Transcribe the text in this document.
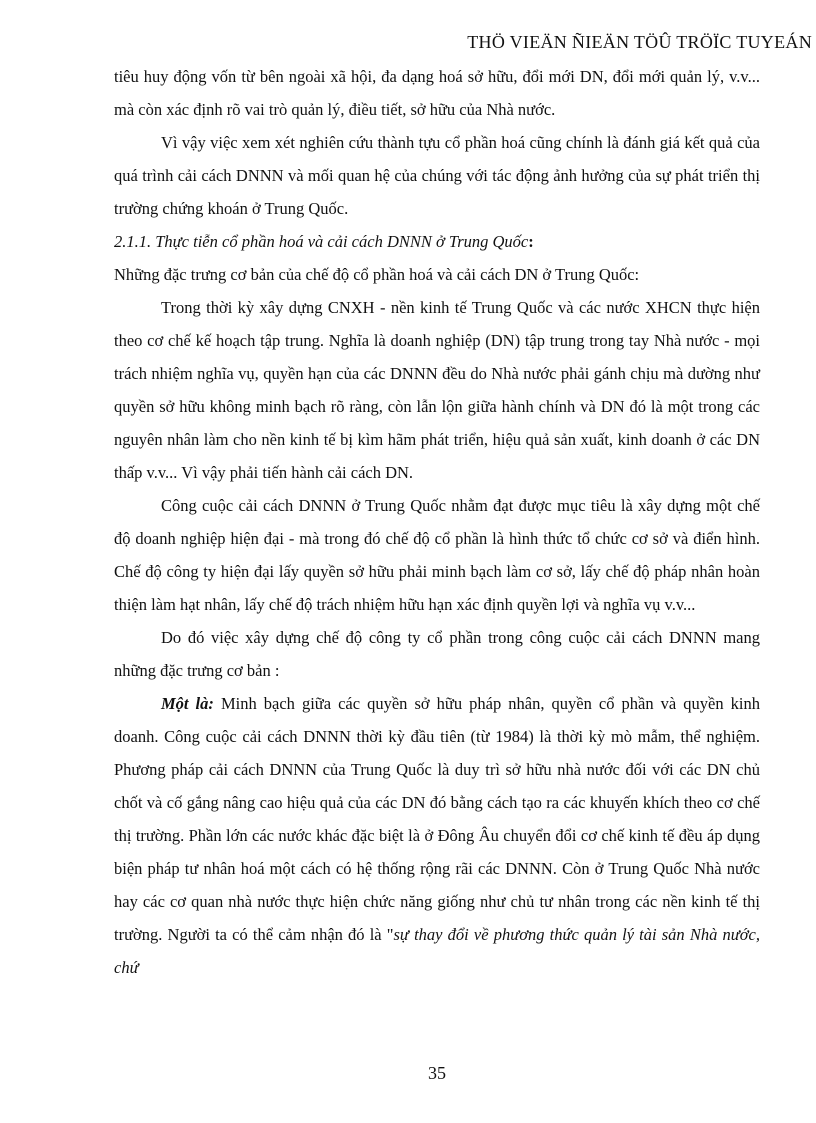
THÖ VIEÄN ÑIEÄN TÖÛ TRÖÏC TUYEÁN

tiêu huy động vốn từ bên ngoài xã hội, đa dạng hoá sở hữu, đổi mới DN, đổi mới quản lý, v.v... mà còn xác định rõ vai trò quản lý, điều tiết, sở hữu của Nhà nước.

Vì vậy việc xem xét nghiên cứu thành tựu cổ phần hoá cũng chính là đánh giá kết quả của quá trình cải cách DNNN và mối quan hệ của chúng với tác động ảnh hưởng của sự phát triển thị trường chứng khoán ở Trung Quốc.

2.1.1. Thực tiễn cổ phần hoá và cải cách DNNN ở Trung Quốc:

Những đặc trưng cơ bản của chế độ cổ phần hoá và cải cách DN ở Trung Quốc:

Trong thời kỳ xây dựng CNXH - nền kinh tế Trung Quốc và các nước XHCN thực hiện theo cơ chế kế hoạch tập trung. Nghĩa là doanh nghiệp (DN) tập trung trong tay Nhà nước - mọi trách nhiệm nghĩa vụ, quyền hạn của các DNNN đều do Nhà nước phải gánh chịu mà dường như quyền sở hữu không minh bạch rõ ràng, còn lẫn lộn giữa hành chính và DN đó là một trong các nguyên nhân làm cho nền kinh tế bị kìm hãm phát triển, hiệu quả sản xuất, kinh doanh ở các DN thấp v.v... Vì vậy phải tiến hành cải cách DN.

Công cuộc cải cách DNNN ở Trung Quốc nhằm đạt được mục tiêu là xây dựng một chế độ doanh nghiệp hiện đại - mà trong đó chế độ cổ phần là hình thức tổ chức cơ sở và điển hình. Chế độ công ty hiện đại lấy quyền sở hữu phải minh bạch làm cơ sở, lấy chế độ pháp nhân hoàn thiện làm hạt nhân, lấy chế độ trách nhiệm hữu hạn xác định quyền lợi và nghĩa vụ v.v...

Do đó việc xây dựng chế độ công ty cổ phần trong công cuộc cải cách DNNN mang những đặc trưng cơ bản :

Một là: Minh bạch giữa các quyền sở hữu pháp nhân, quyền cổ phần và quyền kinh doanh. Công cuộc cải cách DNNN thời kỳ đầu tiên (từ 1984) là thời kỳ mò mẫm, thể nghiệm. Phương pháp cải cách DNNN của Trung Quốc là duy trì sở hữu nhà nước đối với các DN chủ chốt và cố gắng nâng cao hiệu quả của các DN đó bằng cách tạo ra các khuyến khích theo cơ chế thị trường. Phần lớn các nước khác đặc biệt là ở Đông Âu chuyển đổi cơ chế kinh tế đều áp dụng biện pháp tư nhân hoá một cách có hệ thống rộng rãi các DNNN. Còn ở Trung Quốc Nhà nước hay các cơ quan nhà nước thực hiện chức năng giống như chủ tư nhân trong các nền kinh tế thị trường. Người ta có thể cảm nhận đó là "sự thay đổi về phương thức quản lý tài sản Nhà nước, chứ

35
